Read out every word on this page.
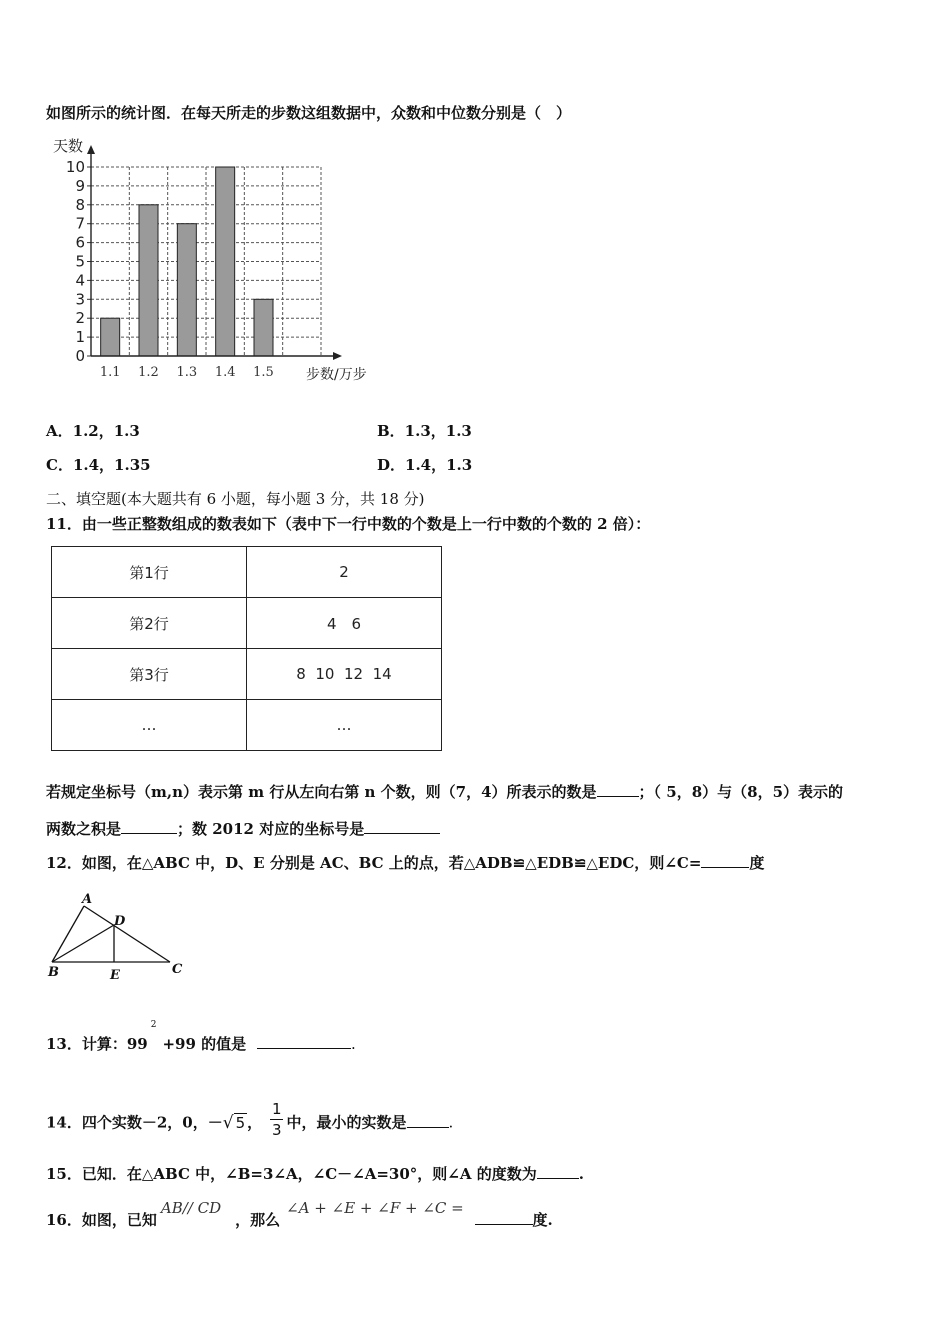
如图所示的统计图．在每天所走的步数这组数据中，众数和中位数分别是（　）
0
1
2
3
4
5
6
7
8
9
10
1.1 1.2 1.3 1.4 1.5
天数
步数/万步
A．1.2，1.3	B．1.3，1.3
C．1.4，1.35	D．1.4，1.3
二、填空题(本大题共有 6 小题，每小题 3 分，共 18 分)
11．由一些正整数组成的数表如下（表中下一行中数的个数是上一行中数的个数的 2 倍）：
第1行	2
第2行	4　6
第3行	8  10  12  14
…	…
若规定坐标号（m,n）表示第 m 行从左向右第 n 个数，则（7，4）所表示的数是	；（ 5，8）与（8，5）表示的
两数之积是	；数 2012 对应的坐标号是
12．如图，在△ABC 中，D、E 分别是 AC、BC 上的点，若△ADB≌△EDB≌△EDC，则∠C=	度
A
D
B	E	C
13．计算：$99^2+99$ 的值是	.
14．四个实数－2，0，－√ 5 ， $\frac{1}{3}$ 中，最小的实数是	.
15．已知．在△ABC 中，∠B=3∠A，∠C－∠A=30°，则∠A 的度数为	.
16．如图，已知AB// CD，那么∠A + ∠E + ∠F + ∠C = 度.
